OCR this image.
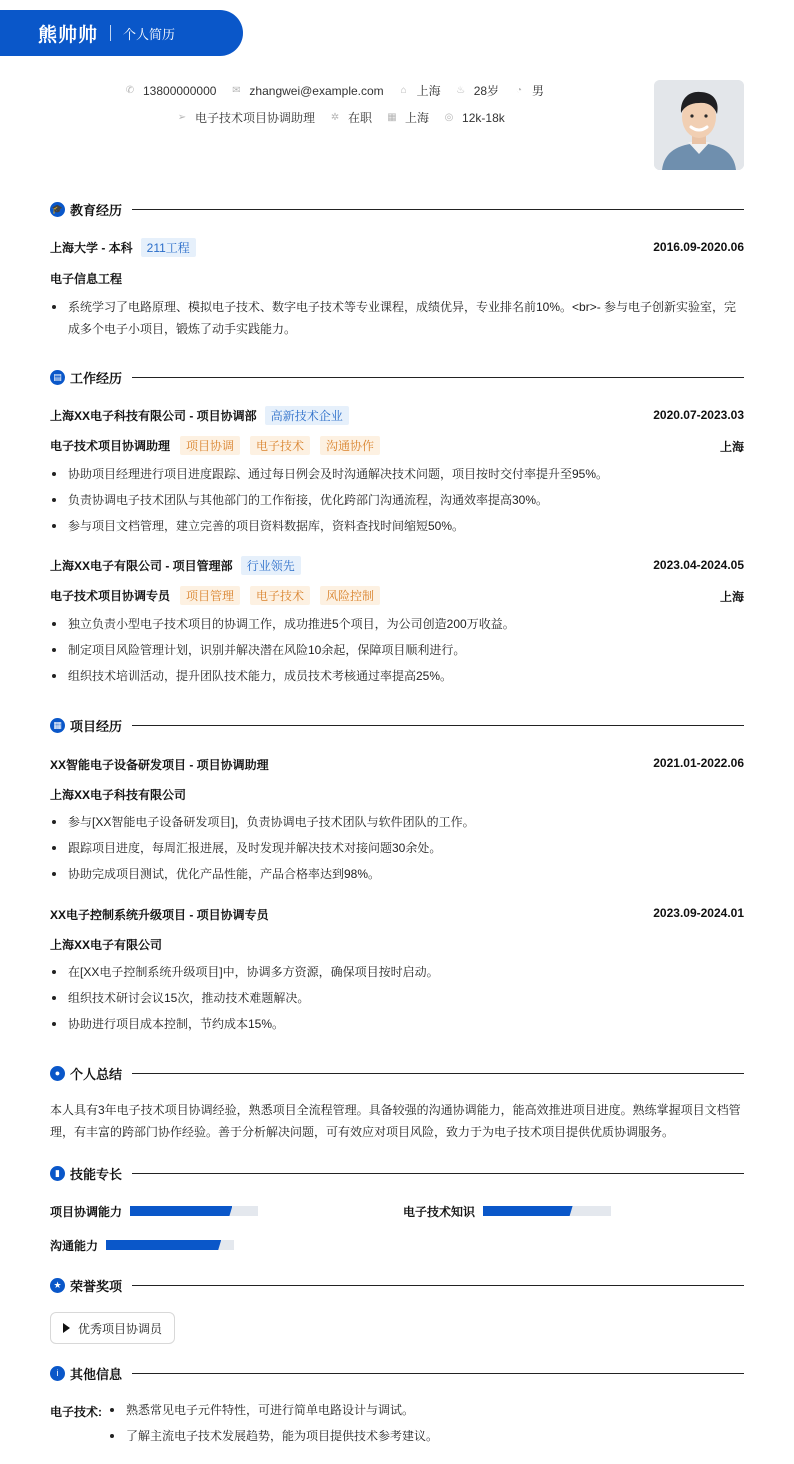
熊帅帅 个人简历
✆ 13800000000 ✉ zhangwei@example.com ⌂ 上海 ♨ 28岁 ◔ 男
➢ 电子技术项目协调助理 ✲ 在职 ▦ 上海 ◎ 12k-18k
🎓 教育经历
上海大学 - 本科 211工程	2016.09-2020.06
电子信息工程
系统学习了电路原理、模拟电子技术、数字电子技术等专业课程，成绩优异，专业排名前10%。<br>- 参与电子创新实验室，完成多个电子小项目，锻炼了动手实践能力。
▤ 工作经历
上海XX电子科技有限公司 - 项目协调部 高新技术企业	2020.07-2023.03
电子技术项目协调助理 项目协调 电子技术 沟通协作	上海
协助项目经理进行项目进度跟踪、通过每日例会及时沟通解决技术问题，项目按时交付率提升至95%。
负责协调电子技术团队与其他部门的工作衔接，优化跨部门沟通流程，沟通效率提高30%。
参与项目文档管理，建立完善的项目资料数据库，资料查找时间缩短50%。
上海XX电子有限公司 - 项目管理部 行业领先	2023.04-2024.05
电子技术项目协调专员 项目管理 电子技术 风险控制	上海
独立负责小型电子技术项目的协调工作，成功推进5个项目，为公司创造200万收益。
制定项目风险管理计划，识别并解决潜在风险10余起，保障项目顺利进行。
组织技术培训活动，提升团队技术能力，成员技术考核通过率提高25%。
▦ 项目经历
XX智能电子设备研发项目 - 项目协调助理	2021.01-2022.06
上海XX电子科技有限公司
参与[XX智能电子设备研发项目]，负责协调电子技术团队与软件团队的工作。
跟踪项目进度，每周汇报进展，及时发现并解决技术对接问题30余处。
协助完成项目测试，优化产品性能，产品合格率达到98%。
XX电子控制系统升级项目 - 项目协调专员	2023.09-2024.01
上海XX电子有限公司
在[XX电子控制系统升级项目]中，协调多方资源，确保项目按时启动。
组织技术研讨会议15次，推动技术难题解决。
协助进行项目成本控制，节约成本15%。
● 个人总结
本人具有3年电子技术项目协调经验，熟悉项目全流程管理。具备较强的沟通协调能力，能高效推进项目进度。熟练掌握项目文档管理，有丰富的跨部门协作经验。善于分析解决问题，可有效应对项目风险，致力于为电子技术项目提供优质协调服务。
▮ 技能专长
项目协调能力	电子技术知识
沟通能力
★ 荣誉奖项
优秀项目协调员
i 其他信息
电子技术:	熟悉常见电子元件特性，可进行简单电路设计与调试。
了解主流电子技术发展趋势，能为项目提供技术参考建议。
